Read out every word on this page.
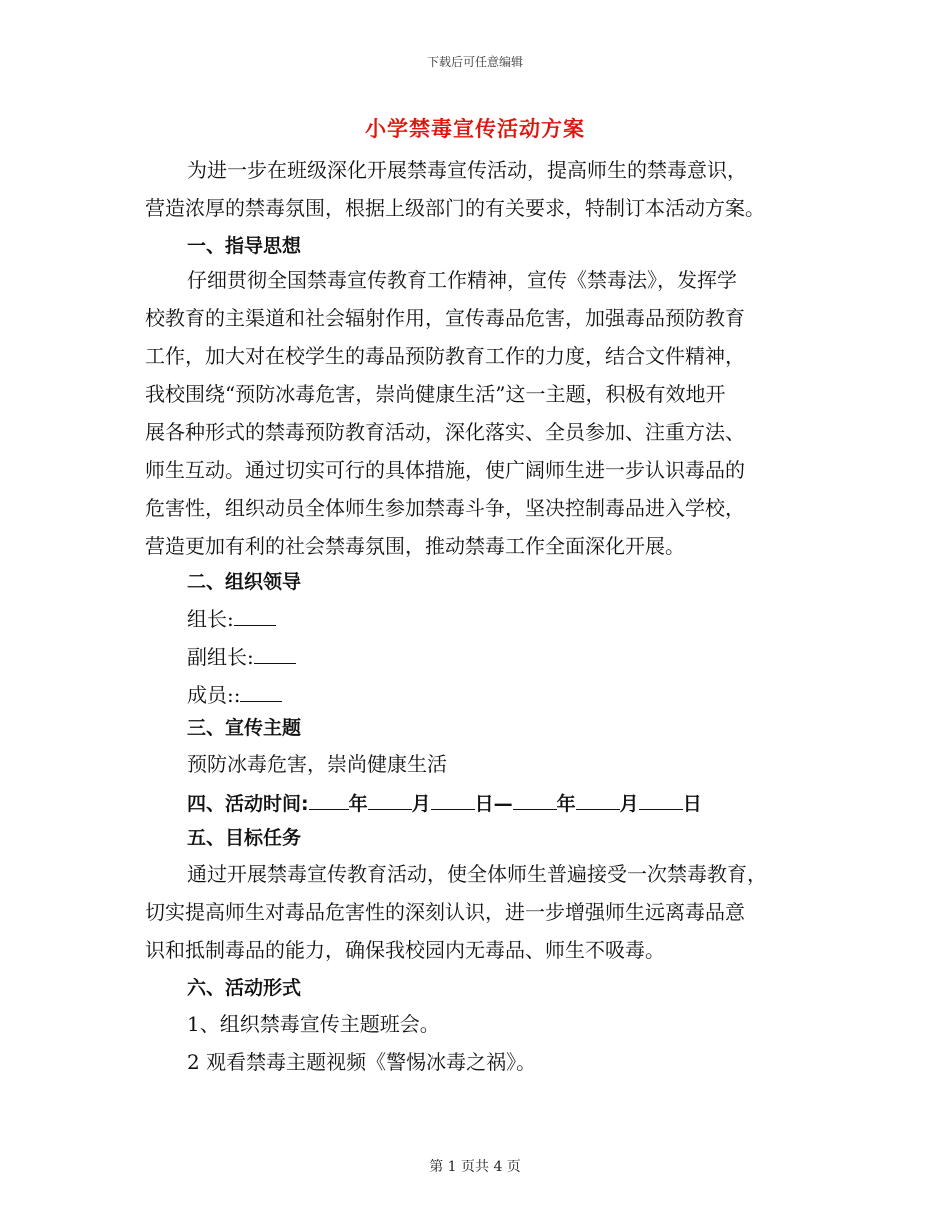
下载后可任意编辑
小学禁毒宣传活动方案
为进一步在班级深化开展禁毒宣传活动，提高师生的禁毒意识，
营造浓厚的禁毒氛围，根据上级部门的有关要求，特制订本活动方案。
一、指导思想
仔细贯彻全国禁毒宣传教育工作精神，宣传《禁毒法》，发挥学
校教育的主渠道和社会辐射作用，宣传毒品危害，加强毒品预防教育
工作，加大对在校学生的毒品预防教育工作的力度，结合文件精神，
我校围绕“预防冰毒危害，崇尚健康生活”这一主题，积极有效地开
展各种形式的禁毒预防教育活动，深化落实、全员参加、注重方法、
师生互动。通过切实可行的具体措施，使广阔师生进一步认识毒品的
危害性，组织动员全体师生参加禁毒斗争，坚决控制毒品进入学校，
营造更加有利的社会禁毒氛围，推动禁毒工作全面深化开展。
二、组织领导
组长:
副组长:
成员::
三、宣传主题
预防冰毒危害，崇尚健康生活
四、活动时间: 年 月 日— 年 月 日
五、目标任务
通过开展禁毒宣传教育活动，使全体师生普遍接受一次禁毒教育，
切实提高师生对毒品危害性的深刻认识，进一步增强师生远离毒品意
识和抵制毒品的能力，确保我校园内无毒品、师生不吸毒。
六、活动形式
1、组织禁毒宣传主题班会。
2 观看禁毒主题视频《警惕冰毒之祸》。
第 1 页共 4 页
